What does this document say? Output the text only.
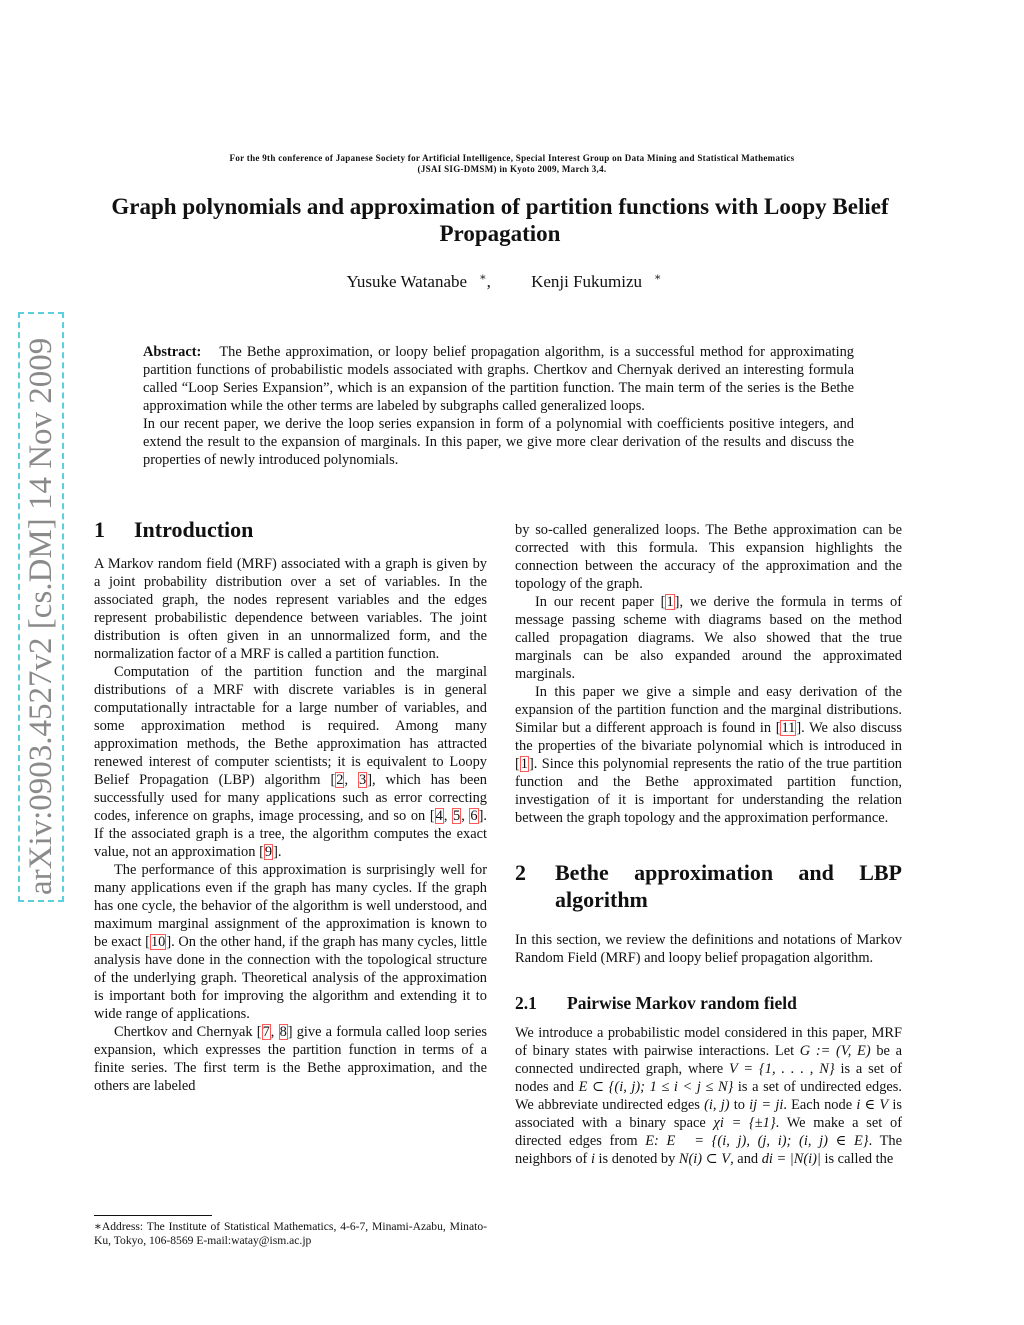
For the 9th conference of Japanese Society for Artificial Intelligence, Special Interest Group on Data Mining and Statistical Mathematics
(JSAI SIG-DMSM) in Kyoto 2009, March 3,4.
Graph polynomials and approximation of partition functions with Loopy Belief Propagation
Yusuke Watanabe ∗, Kenji Fukumizu ∗
arXiv:0903.4527v2 [cs.DM] 14 Nov 2009	Abstract: The Bethe approximation, or loopy belief propagation algorithm, is a successful method for approximating partition functions of probabilistic models associated with graphs. Chertkov and Chernyak derived an interesting formula called “Loop Series Expansion”, which is an expansion of the partition function. The main term of the series is the Bethe approximation while the other terms are labeled by subgraphs called generalized loops.

In our recent paper, we derive the loop series expansion in form of a polynomial with coefficients positive integers, and extend the result to the expansion of marginals. In this paper, we give more clear derivation of the results and discuss the properties of newly introduced polynomials.

1	Introduction

A Markov random field (MRF) associated with a graph is given by a joint probability distribution over a set of variables. In the associated graph, the nodes represent variables and the edges represent probabilistic dependence between variables. The joint distribution is often given in an unnormalized form, and the normalization factor of a MRF is called a partition function.

Computation of the partition function and the marginal distributions of a MRF with discrete variables is in general computationally intractable for a large number of variables, and some approximation method is required. Among many approximation methods, the Bethe approximation has attracted renewed interest of computer scientists; it is equivalent to Loopy Belief Propagation (LBP) algorithm [2, 3], which has been successfully used for many applications such as error correcting codes, inference on graphs, image processing, and so on [4, 5, 6]. If the associated graph is a tree, the algorithm computes the exact value, not an approximation [9].

The performance of this approximation is surprisingly well for many applications even if the graph has many cycles. If the graph has one cycle, the behavior of the algorithm is well understood, and maximum marginal assignment of the approximation is known to be exact [10]. On the other hand, if the graph has many cycles, little analysis have done in the connection with the topological structure of the underlying graph. Theoretical analysis of the approximation is important both for improving the algorithm and extending it to wide range of applications.

Chertkov and Chernyak [7, 8] give a formula called loop series expansion, which expresses the partition function in terms of a finite series. The first term is the Bethe approximation, and the others are labeled

∗Address: The Institute of Statistical Mathematics, 4-6-7, Minami-Azabu, Minato-Ku, Tokyo, 106-8569 E-mail:watay@ism.ac.jp

by so-called generalized loops. The Bethe approximation can be corrected with this formula. This expansion highlights the connection between the accuracy of the approximation and the topology of the graph.

In our recent paper [1], we derive the formula in terms of message passing scheme with diagrams based on the method called propagation diagrams. We also showed that the true marginals can be also expanded around the approximated marginals.

In this paper we give a simple and easy derivation of the expansion of the partition function and the marginal distributions. Similar but a different approach is found in [11]. We also discuss the properties of the bivariate polynomial which is introduced in [1]. Since this polynomial represents the ratio of the true partition function and the Bethe approximated partition function, investigation of it is important for understanding the relation between the graph topology and the approximation performance.

2	Bethe approximation and LBP algorithm

In this section, we review the definitions and notations of Markov Random Field (MRF) and loopy belief propagation algorithm.

2.1	Pairwise Markov random field

We introduce a probabilistic model considered in this paper, MRF of binary states with pairwise interactions. Let G := (V, E) be a connected undirected graph, where V = {1, . . . , N} is a set of nodes and E ⊂ {(i, j); 1 ≤ i < j ≤ N} is a set of undirected edges. We abbreviate undirected edges (i, j) to ij = ji. Each node i ∈ V is associated with a binary space χi = {±1}. We make a set of directed edges from E: E⃗ = {(i, j), (j, i); (i, j) ∈ E}. The neighbors of i is denoted by N(i) ⊂ V, and di = |N(i)| is called the
